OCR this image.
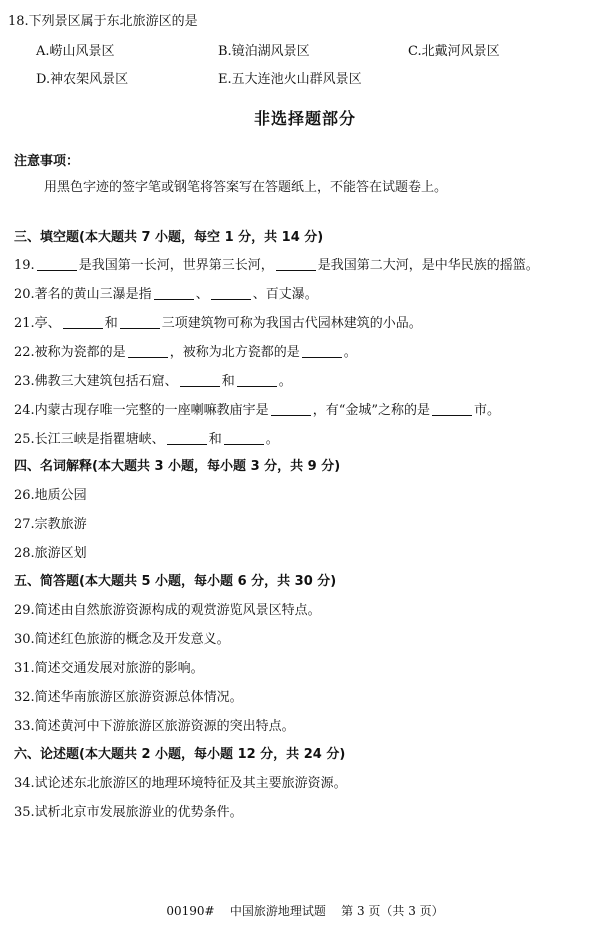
18.下列景区属于东北旅游区的是
A.崂山风景区	B.镜泊湖风景区	C.北戴河风景区
D.神农架风景区	E.五大连池火山群风景区
非选择题部分
注意事项：
用黑色字迹的签字笔或钢笔将答案写在答题纸上，不能答在试题卷上。
三、填空题(本大题共 7 小题，每空 1 分，共 14 分)
19.	是我国第一长河，世界第三长河，	是我国第二大河，是中华民族的摇篮。
20.著名的黄山三瀑是指	、	、百丈瀑。
21.亭、	和	三项建筑物可称为我国古代园林建筑的小品。
22.被称为瓷都的是	，被称为北方瓷都的是	。
23.佛教三大建筑包括石窟、	和	。
24.内蒙古现存唯一完整的一座喇嘛教庙宇是	，有“金城”之称的是	市。
25.长江三峡是指瞿塘峡、	和	。
四、名词解释(本大题共 3 小题，每小题 3 分，共 9 分)
26.地质公园
27.宗教旅游
28.旅游区划
五、简答题(本大题共 5 小题，每小题 6 分，共 30 分)
29.简述由自然旅游资源构成的观赏游览风景区特点。
30.简述红色旅游的概念及开发意义。
31.简述交通发展对旅游的影响。
32.简述华南旅游区旅游资源总体情况。
33.简述黄河中下游旅游区旅游资源的突出特点。
六、论述题(本大题共 2 小题，每小题 12 分，共 24 分)
34.试论述东北旅游区的地理环境特征及其主要旅游资源。
35.试析北京市发展旅游业的优势条件。
00190# 中国旅游地理试题 第 3 页（共 3 页）
